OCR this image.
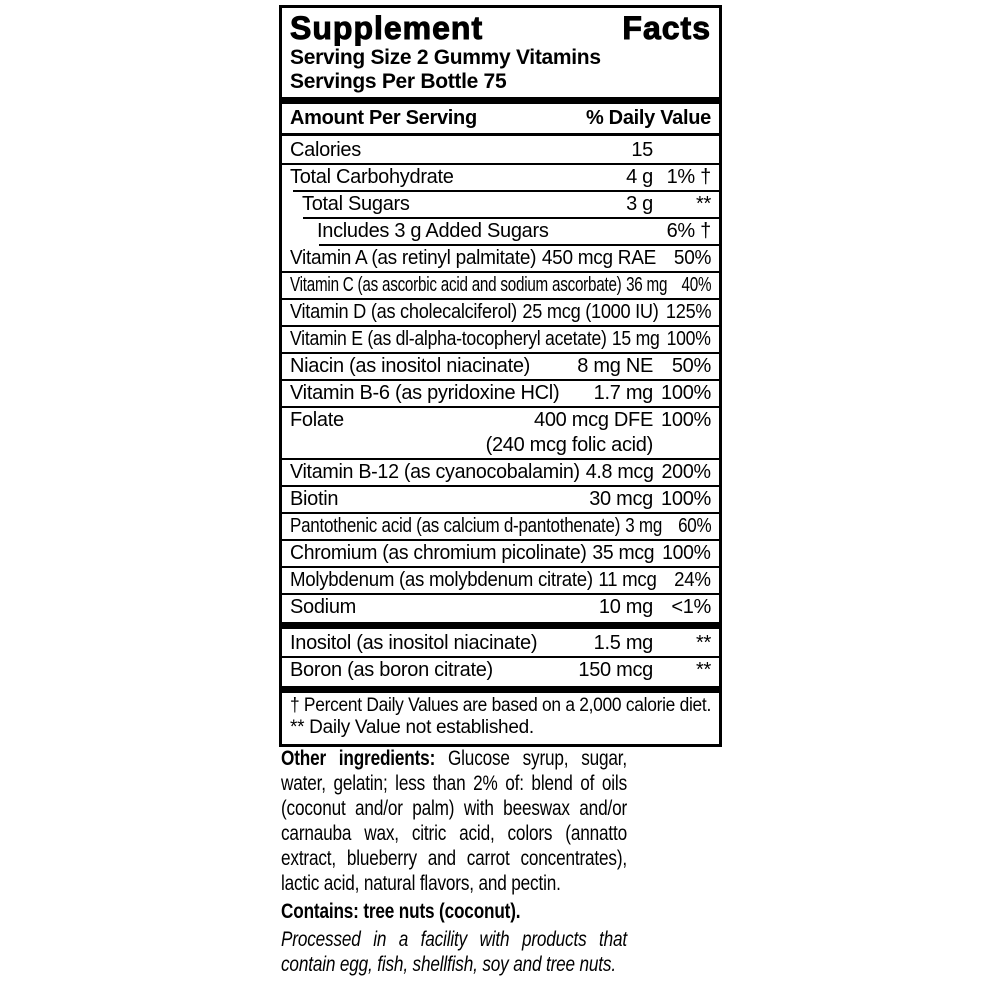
Supplement Facts
Serving Size 2 Gummy Vitamins
Servings Per Bottle 75
Amount Per Serving	% Daily Value
Calories	15
Total Carbohydrate	4 g 1% †
Total Sugars	3 g	**
Includes 3 g Added Sugars	6% †
Vitamin A (as retinyl palmitate) 450 mcg RAE 50%
Vitamin C (as ascorbic acid and sodium ascorbate) 36 mg 40%
Vitamin D (as cholecalciferol) 25 mcg (1000 IU) 125%
Vitamin E (as dl-alpha-tocopheryl acetate) 15 mg 100%
Niacin (as inositol niacinate)	8 mg NE 50%
Vitamin B-6 (as pyridoxine HCl)	1.7 mg 100%
Folate	400 mcg DFE 100%
(240 mcg folic acid)
Vitamin B-12 (as cyanocobalamin) 4.8 mcg 200%
Biotin	30 mcg 100%
Pantothenic acid (as calcium d-pantothenate) 3 mg 60%
Chromium (as chromium picolinate) 35 mcg 100%
Molybdenum (as molybdenum citrate) 11 mcg 24%
Sodium	10 mg <1%
Inositol (as inositol niacinate)	1.5 mg	**
Boron (as boron citrate)	150 mcg	**
† Percent Daily Values are based on a 2,000 calorie diet.
** Daily Value not established.

Other ingredients: Glucose syrup, sugar, water, gelatin; less than 2% of: blend of oils (coconut and/or palm) with beeswax and/or carnauba wax, citric acid, colors (annatto extract, blueberry and carrot concentrates), lactic acid, natural flavors, and pectin.

Contains: tree nuts (coconut).

Processed in a facility with products that contain egg, fish, shellfish, soy and tree nuts.
